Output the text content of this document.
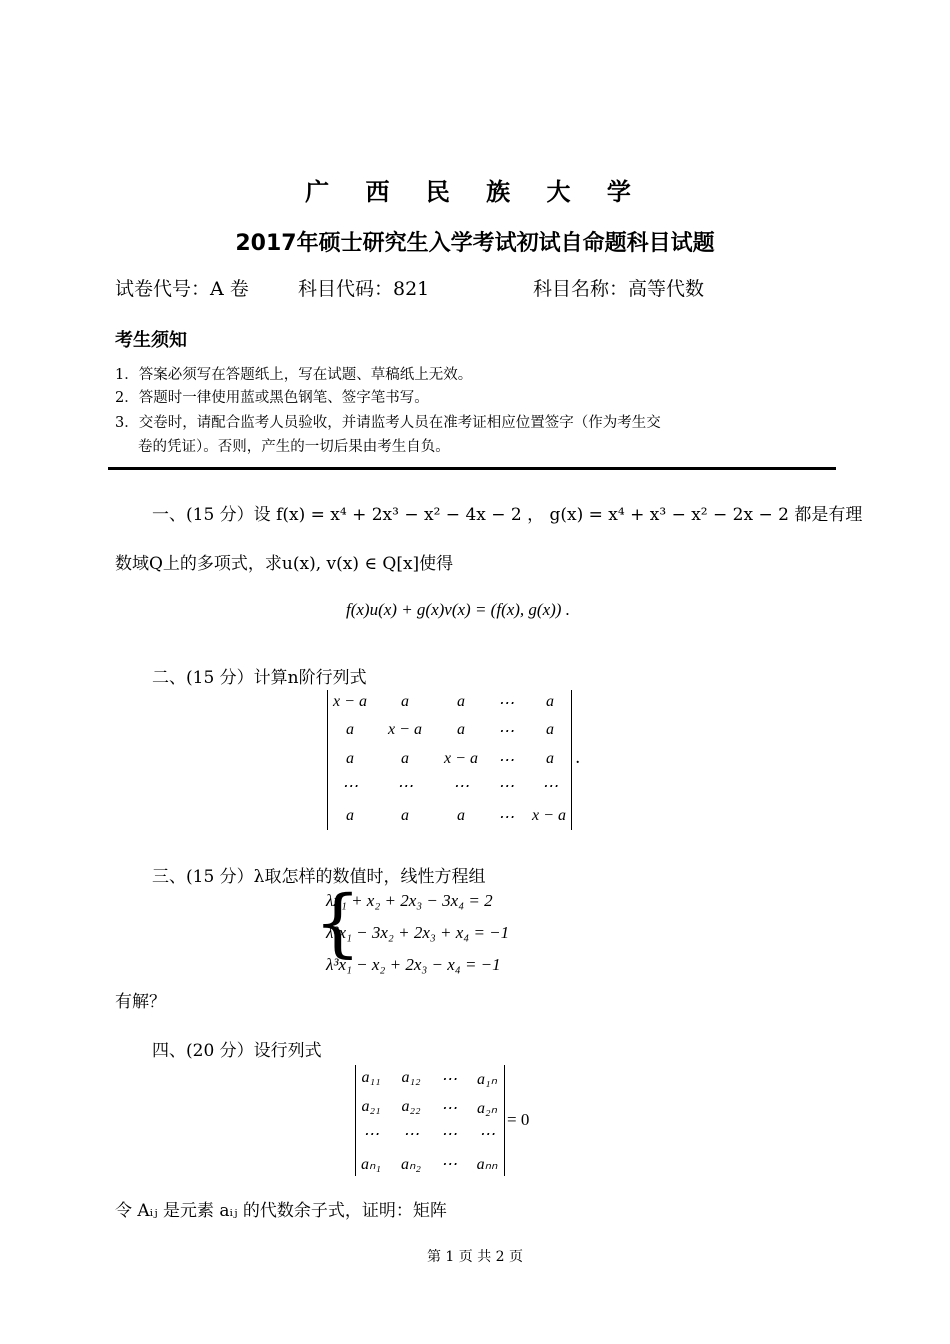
广 西 民 族 大 学
2017年硕士研究生入学考试初试自命题科目试题
试卷代号：A 卷	科目代码：821	科目名称：高等代数
考生须知
1．答案必须写在答题纸上，写在试题、草稿纸上无效。
2．答题时一律使用蓝或黑色钢笔、签字笔书写。
3．交卷时，请配合监考人员验收，并请监考人员在准考证相应位置签字（作为考生交
卷的凭证）。否则，产生的一切后果由考生自负。
一、(15 分）设 f(x) = x⁴ + 2x³ − x² − 4x − 2 ， g(x) = x⁴ + x³ − x² − 2x − 2 都是有理
数域Q上的多项式，求u(x), v(x) ∈ Q[x]使得
f(x)u(x) + g(x)v(x) = (f(x), g(x)) .
二、(15 分）计算n阶行列式
x − a	a	a	⋯	a
a	x − a	a	⋯	a
a	a	x − a	⋯	a
⋯	⋯	⋯	⋯	⋯
a	a	a	⋯	x − a
.
三、(15 分）λ取怎样的数值时，线性方程组
{
λx₁ + x₂ + 2x₃ − 3x₄ = 2
λ²x₁ − 3x₂ + 2x₃ + x₄ = −1
λ³x₁ − x₂ + 2x₃ − x₄ = −1
有解？
四、(20 分）设行列式
a₁₁	a₁₂	⋯	a₁ₙ
a₂₁	a₂₂	⋯	a₂ₙ
⋯	⋯	⋯	⋯
aₙ₁	aₙ₂	⋯	aₙₙ
= 0
令 Aᵢⱼ 是元素 aᵢⱼ 的代数余子式，证明：矩阵
第 1 页 共 2 页
